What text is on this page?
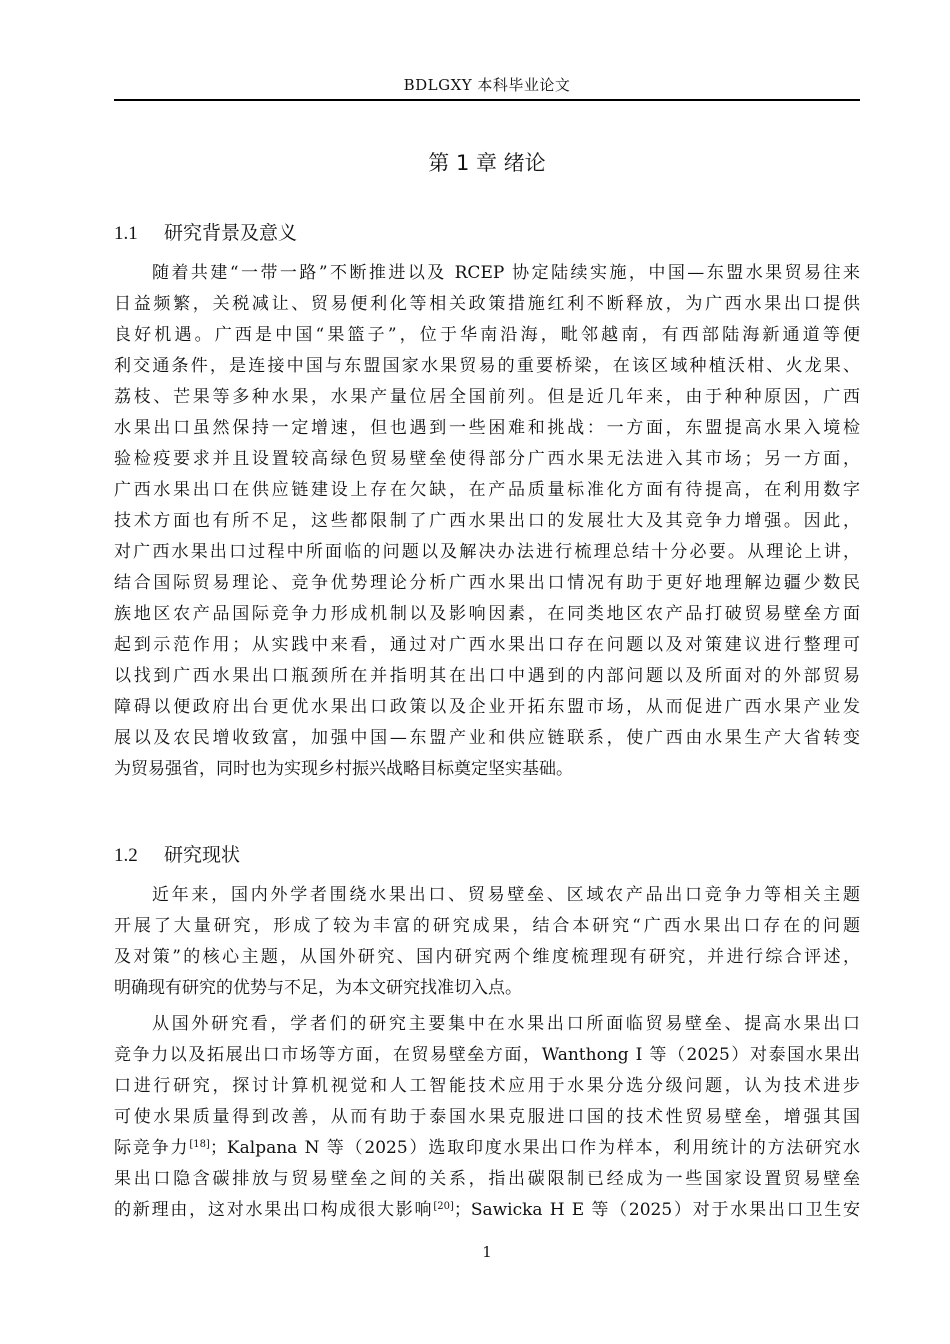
BDLGXY 本科毕业论文
第 1 章 绪论
1.1 研究背景及意义
随着共建“一带一路”不断推进以及 RCEP 协定陆续实施，中国—东盟水果贸易往来
日益频繁，关税减让、贸易便利化等相关政策措施红利不断释放，为广西水果出口提供
良好机遇。广西是中国“果篮子”，位于华南沿海，毗邻越南，有西部陆海新通道等便
利交通条件，是连接中国与东盟国家水果贸易的重要桥梁，在该区域种植沃柑、火龙果、
荔枝、芒果等多种水果，水果产量位居全国前列。但是近几年来，由于种种原因，广西
水果出口虽然保持一定增速，但也遇到一些困难和挑战：一方面，东盟提高水果入境检
验检疫要求并且设置较高绿色贸易壁垒使得部分广西水果无法进入其市场；另一方面，
广西水果出口在供应链建设上存在欠缺，在产品质量标准化方面有待提高，在利用数字
技术方面也有所不足，这些都限制了广西水果出口的发展壮大及其竞争力增强。因此，
对广西水果出口过程中所面临的问题以及解决办法进行梳理总结十分必要。从理论上讲，
结合国际贸易理论、竞争优势理论分析广西水果出口情况有助于更好地理解边疆少数民
族地区农产品国际竞争力形成机制以及影响因素，在同类地区农产品打破贸易壁垒方面
起到示范作用；从实践中来看，通过对广西水果出口存在问题以及对策建议进行整理可
以找到广西水果出口瓶颈所在并指明其在出口中遇到的内部问题以及所面对的外部贸易
障碍以便政府出台更优水果出口政策以及企业开拓东盟市场，从而促进广西水果产业发
展以及农民增收致富，加强中国—东盟产业和供应链联系，使广西由水果生产大省转变
为贸易强省，同时也为实现乡村振兴战略目标奠定坚实基础。
1.2 研究现状
近年来，国内外学者围绕水果出口、贸易壁垒、区域农产品出口竞争力等相关主题
开展了大量研究，形成了较为丰富的研究成果，结合本研究“广西水果出口存在的问题
及对策”的核心主题，从国外研究、国内研究两个维度梳理现有研究，并进行综合评述，
明确现有研究的优势与不足，为本文研究找准切入点。
从国外研究看，学者们的研究主要集中在水果出口所面临贸易壁垒、提高水果出口
竞争力以及拓展出口市场等方面，在贸易壁垒方面，Wanthong I 等（2025）对泰国水果出
口进行研究，探讨计算机视觉和人工智能技术应用于水果分选分级问题，认为技术进步
可使水果质量得到改善，从而有助于泰国水果克服进口国的技术性贸易壁垒，增强其国
际竞争力[18]；Kalpana N 等（2025）选取印度水果出口作为样本，利用统计的方法研究水
果出口隐含碳排放与贸易壁垒之间的关系，指出碳限制已经成为一些国家设置贸易壁垒
的新理由，这对水果出口构成很大影响[20]；Sawicka H E 等（2025）对于水果出口卫生安
1
